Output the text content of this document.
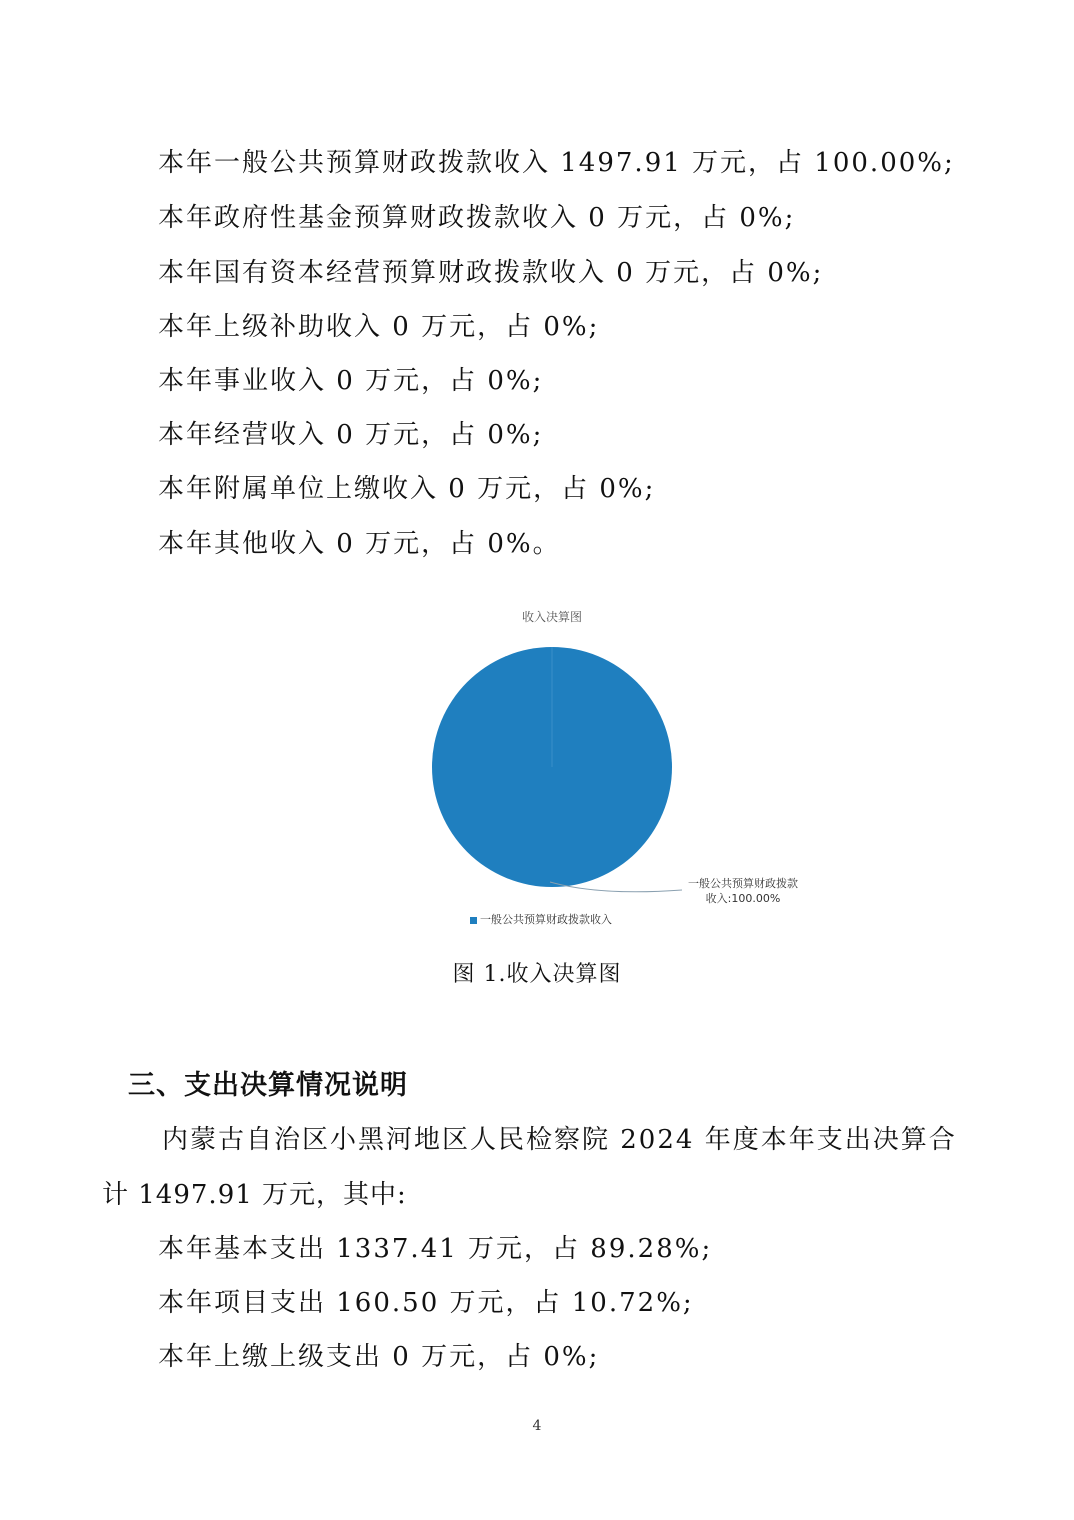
本年一般公共预算财政拨款收入 1497.91 万元，占 100.00%;
本年政府性基金预算财政拨款收入 0 万元，占 0%;
本年国有资本经营预算财政拨款收入 0 万元，占 0%;
本年上级补助收入 0 万元，占 0%;
本年事业收入 0 万元，占 0%;
本年经营收入 0 万元，占 0%;
本年附属单位上缴收入 0 万元，占 0%;
本年其他收入 0 万元，占 0%。
收入决算图
一般公共预算财政拨款
收入:100.00%
一般公共预算财政拨款收入
图 1.收入决算图
三、支出决算情况说明
内蒙古自治区小黑河地区人民检察院 2024 年度本年支出决算合
计 1497.91 万元，其中:
本年基本支出 1337.41 万元，占 89.28%;
本年项目支出 160.50 万元，占 10.72%;
本年上缴上级支出 0 万元，占 0%;
4
